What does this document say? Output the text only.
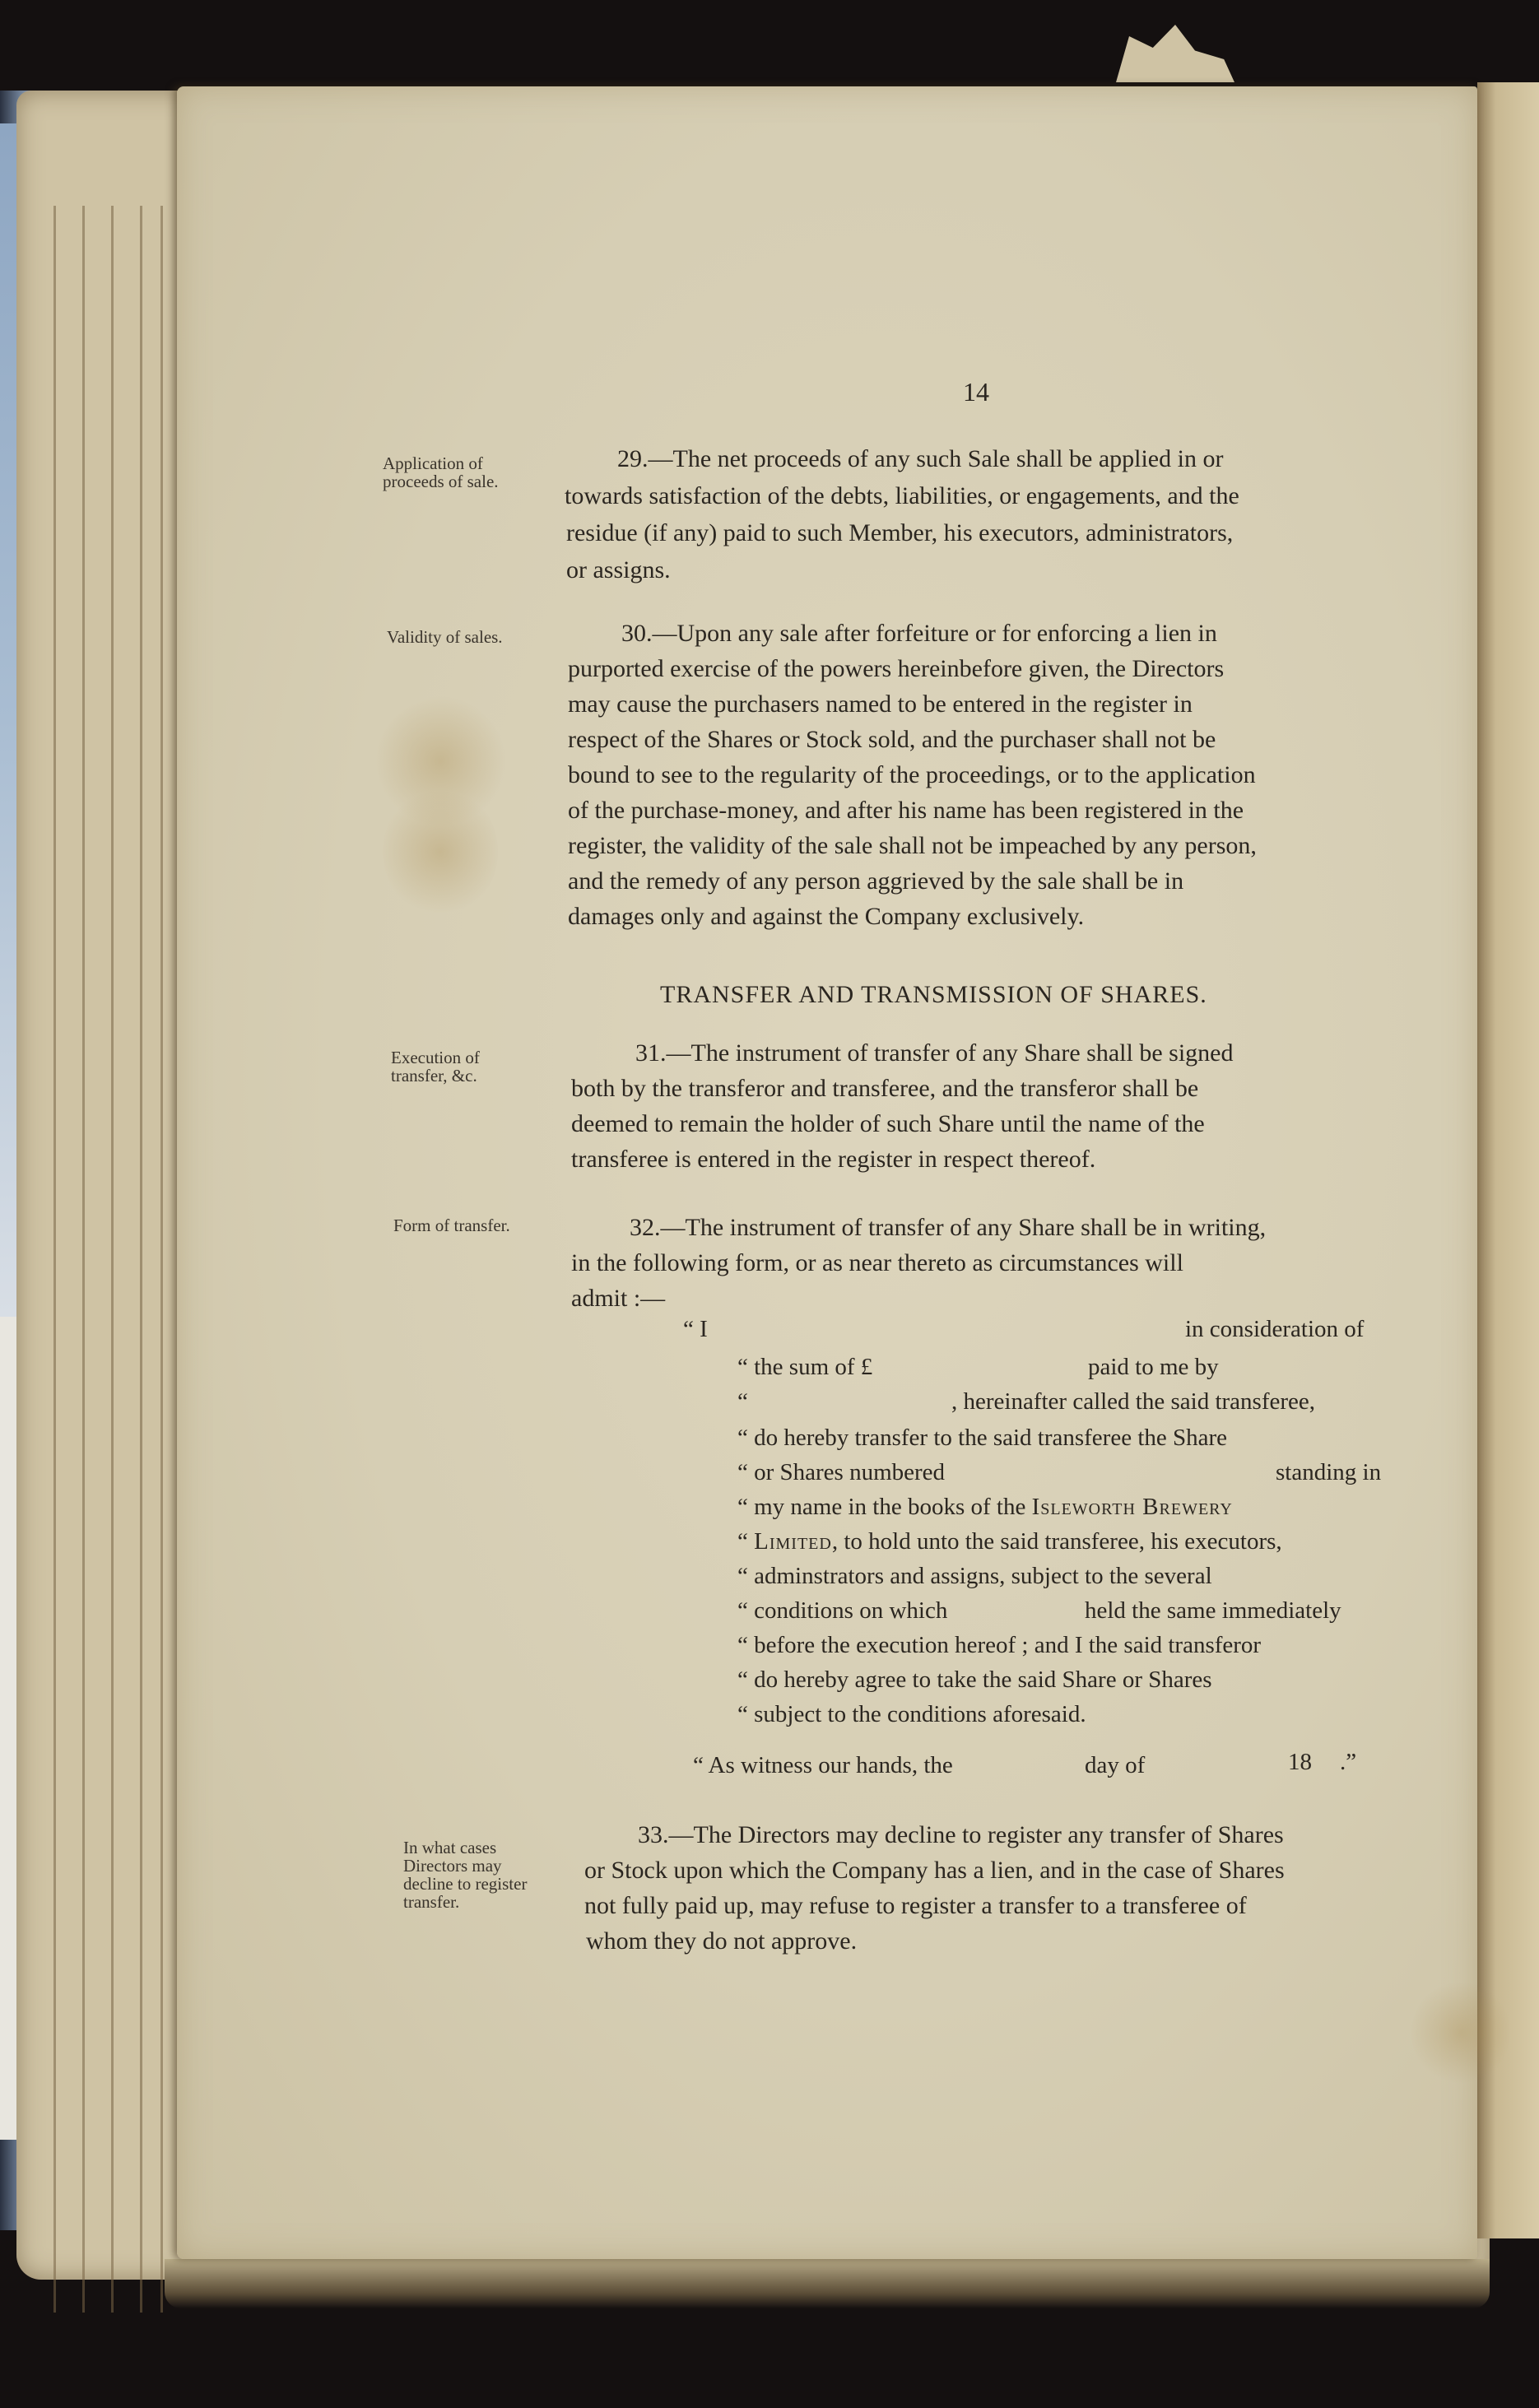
14
Application of
proceeds of sale.
29.—The net proceeds of any such Sale shall be applied in or
towards satisfaction of the debts, liabilities, or engagements, and the
residue (if any) paid to such Member, his executors, administrators,
or assigns.
Validity of sales.	30.—Upon any sale after forfeiture or for enforcing a lien in
purported exercise of the powers hereinbefore given, the Directors
may cause the purchasers named to be entered in the register in
respect of the Shares or Stock sold, and the purchaser shall not be
bound to see to the regularity of the proceedings, or to the application
of the purchase-money, and after his name has been registered in the
register, the validity of the sale shall not be impeached by any person,
and the remedy of any person aggrieved by the sale shall be in
damages only and against the Company exclusively.
TRANSFER AND TRANSMISSION OF SHARES.
Execution of
transfer, &c.
31.—The instrument of transfer of any Share shall be signed
both by the transferor and transferee, and the transferor shall be
deemed to remain the holder of such Share until the name of the
transferee is entered in the register in respect thereof.
Form of transfer.	32.—The instrument of transfer of any Share shall be in writing,
in the following form, or as near thereto as circumstances will
admit :—
“ I	in consideration of
“ the sum of £	paid to me by
“	, hereinafter called the said transferee,
“ do hereby transfer to the said transferee the Share
“ or Shares numbered	standing in
“ my name in the books of the Isleworth Brewery
“ Limited, to hold unto the said transferee, his executors,
“ adminstrators and assigns, subject to the several
“ conditions on which	held the same immediately
“ before the execution hereof ; and I the said transferor
“ do hereby agree to take the said Share or Shares
“ subject to the conditions aforesaid.
“ As witness our hands, the	day of	18 .”
In what cases
Directors may
decline to register
transfer.
33.—The Directors may decline to register any transfer of Shares
or Stock upon which the Company has a lien, and in the case of Shares
not fully paid up, may refuse to register a transfer to a transferee of
whom they do not approve.
